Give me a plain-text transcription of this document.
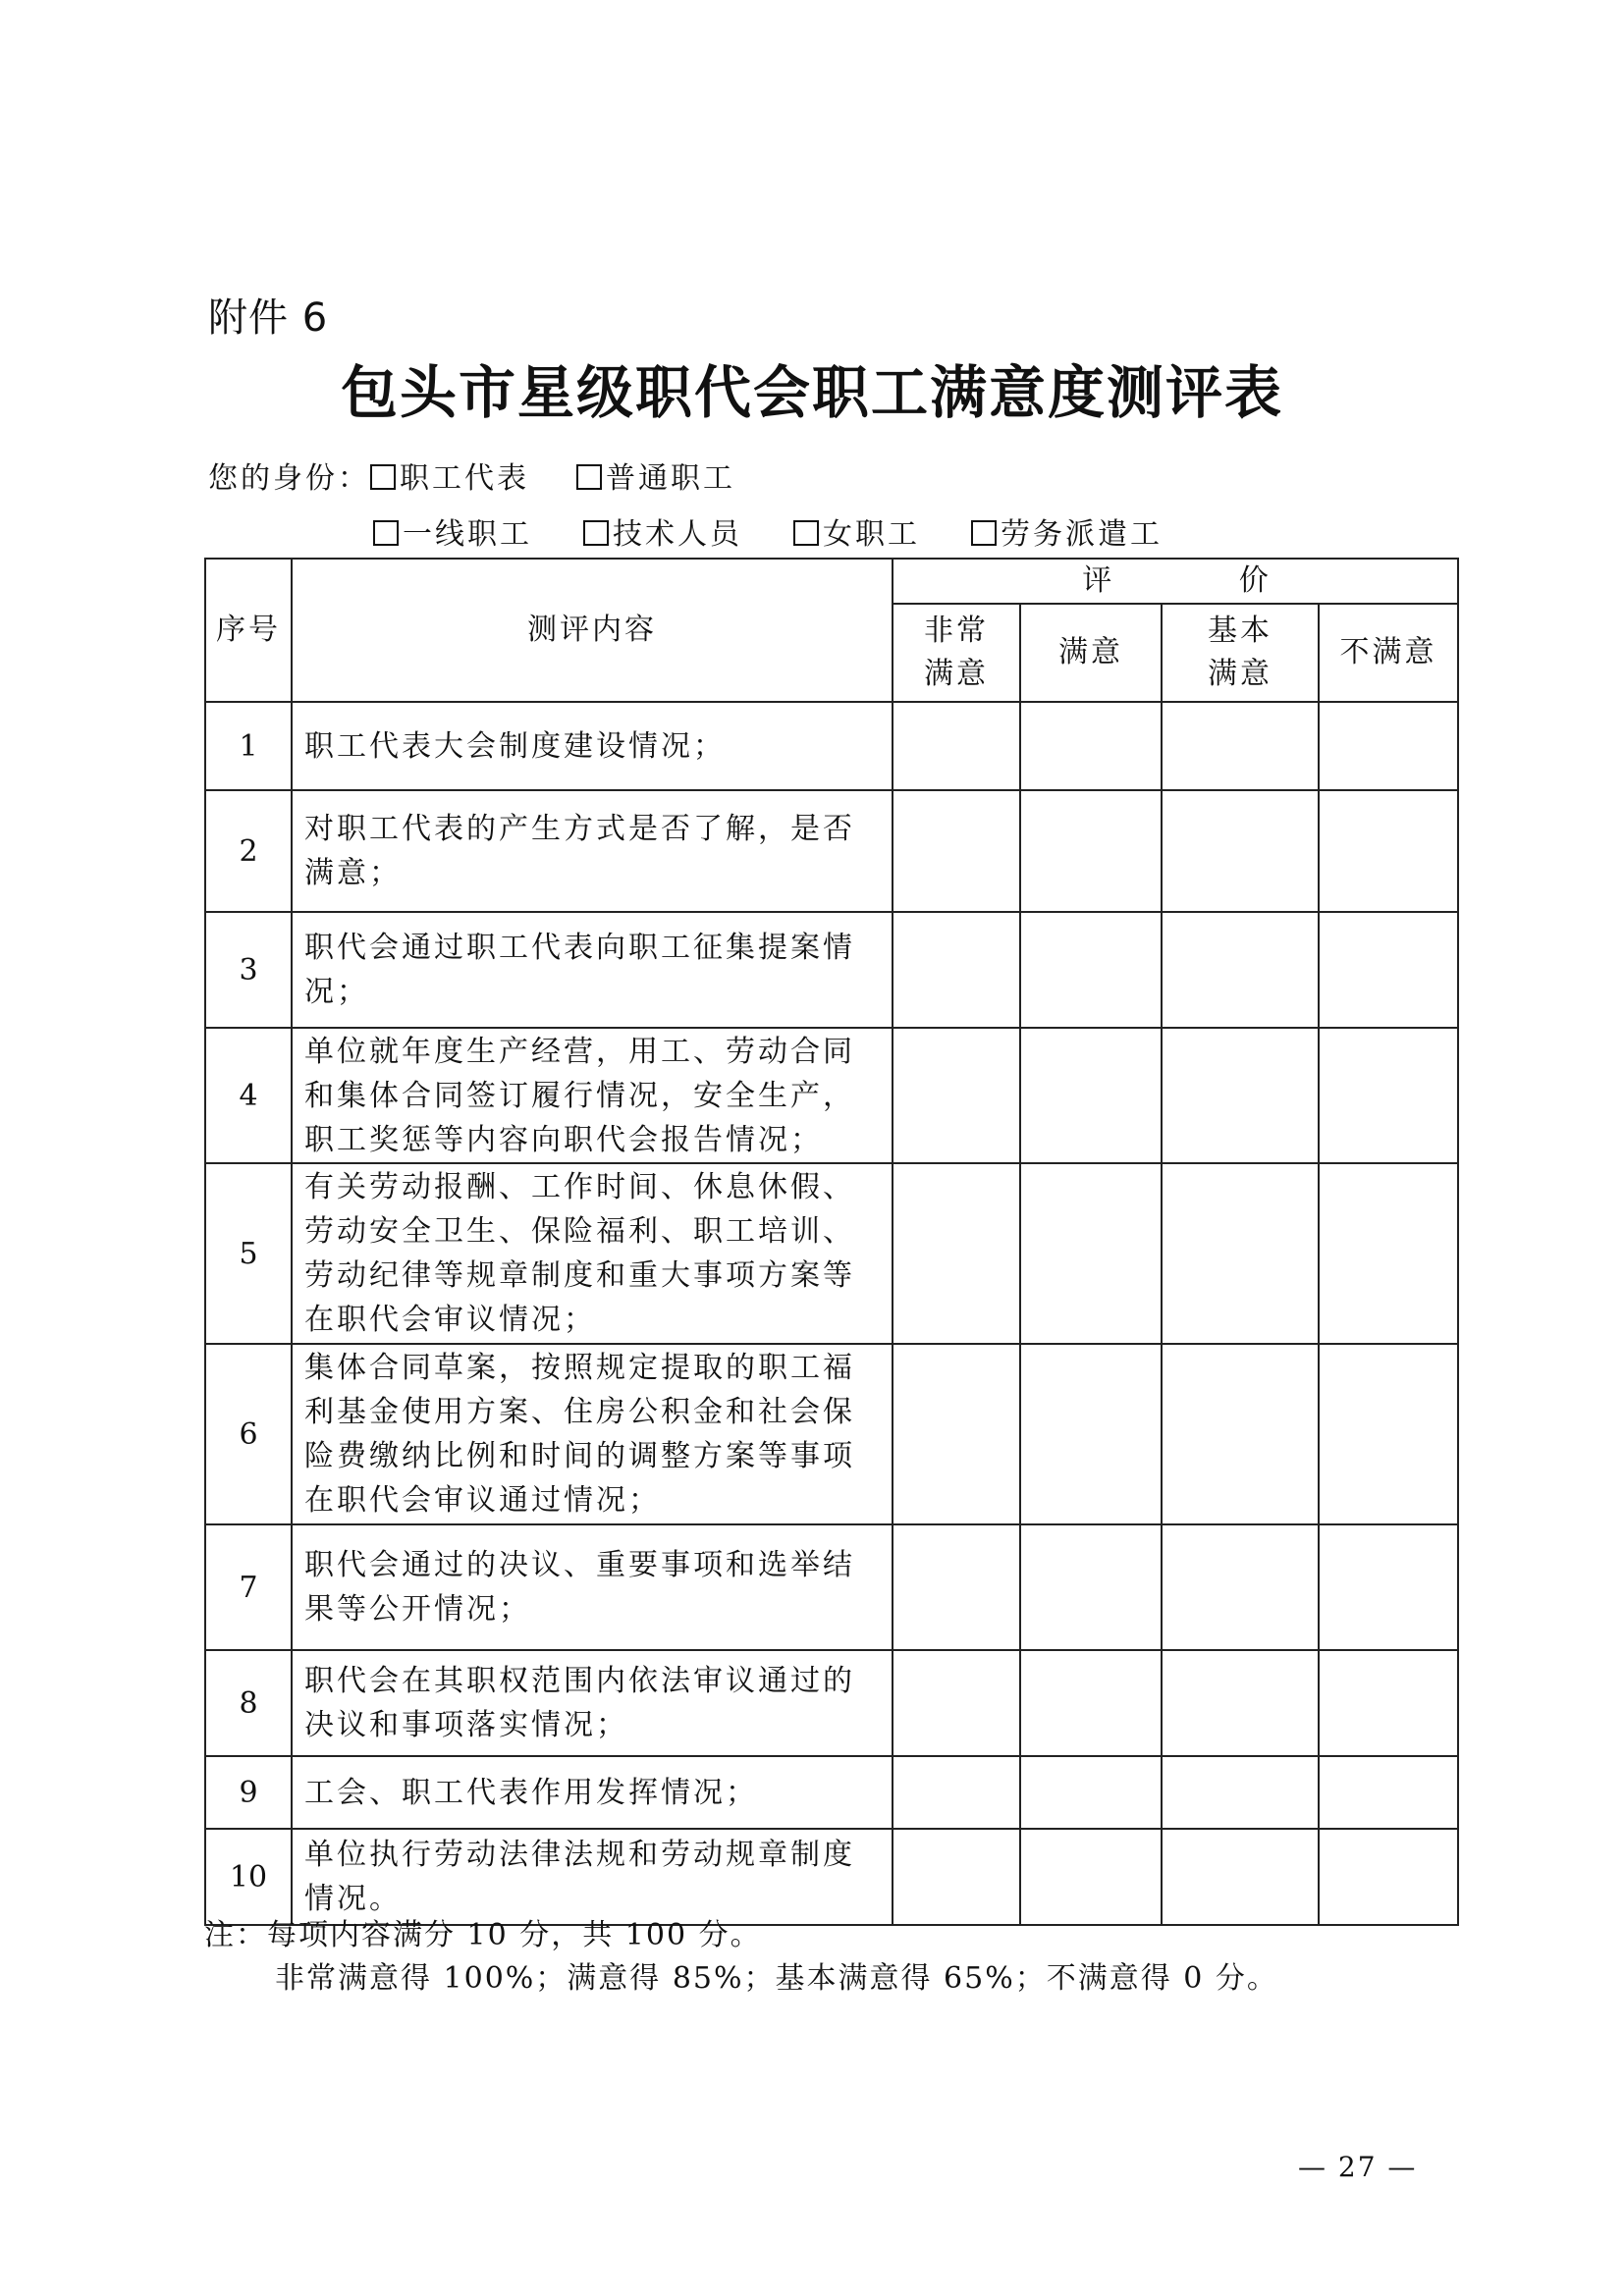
附件 6
包头市星级职代会职工满意度测评表
您的身份： 职工代表	普通职工
一线职工	技术人员	女职工	劳务派遣工
序号	测评内容	评 价			
		非常满意	满意	基本满意	不满意
1	职工代表大会制度建设情况；				
2	对职工代表的产生方式是否了解，是否满意；				
3	职代会通过职工代表向职工征集提案情况；				
4	单位就年度生产经营，用工、劳动合同和集体合同签订履行情况，安全生产，职工奖惩等内容向职代会报告情况；				
5	有关劳动报酬、工作时间、休息休假、劳动安全卫生、保险福利、职工培训、劳动纪律等规章制度和重大事项方案等在职代会审议情况；				
6	集体合同草案，按照规定提取的职工福利基金使用方案、住房公积金和社会保险费缴纳比例和时间的调整方案等事项在职代会审议通过情况；				
7	职代会通过的决议、重要事项和选举结果等公开情况；				
8	职代会在其职权范围内依法审议通过的决议和事项落实情况；				
9	工会、职工代表作用发挥情况；				
10	单位执行劳动法律法规和劳动规章制度情况。				
注：每项内容满分 10 分，共 100 分。
非常满意得 100%；满意得 85%；基本满意得 65%；不满意得 0 分。
— 27 —
